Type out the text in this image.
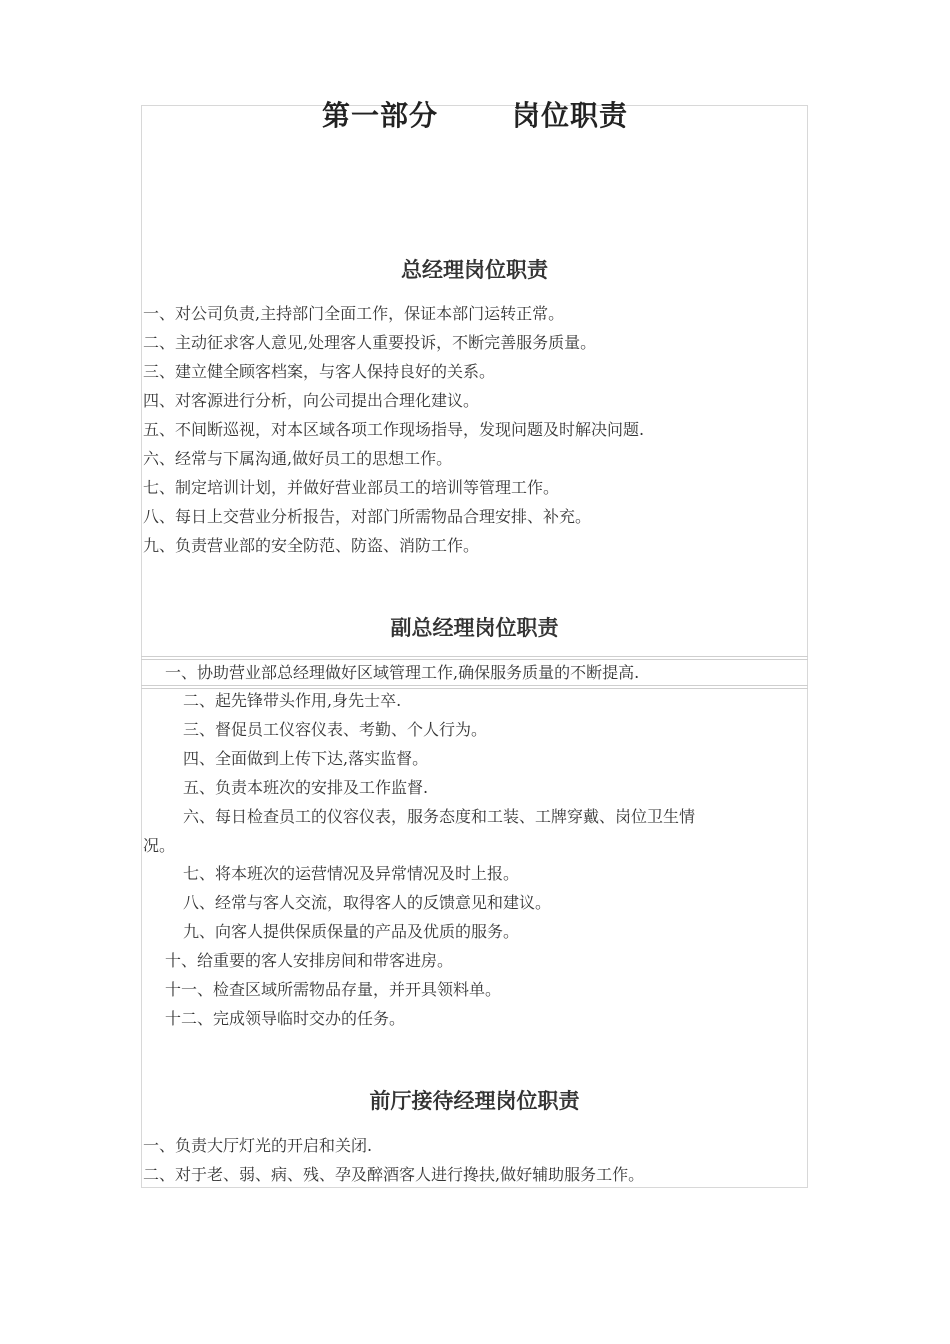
第一部分	岗位职责
总经理岗位职责
一、对公司负责,主持部门全面工作，保证本部门运转正常。
二、主动征求客人意见,处理客人重要投诉，不断完善服务质量。
三、建立健全顾客档案，与客人保持良好的关系。
四、对客源进行分析，向公司提出合理化建议。
五、不间断巡视，对本区域各项工作现场指导，发现问题及时解决问题.
六、经常与下属沟通,做好员工的思想工作。
七、制定培训计划，并做好营业部员工的培训等管理工作。
八、每日上交营业分析报告，对部门所需物品合理安排、补充。
九、负责营业部的安全防范、防盗、消防工作。
副总经理岗位职责
一、协助营业部总经理做好区域管理工作,确保服务质量的不断提高.
二、起先锋带头作用,身先士卒.
三、督促员工仪容仪表、考勤、个人行为。
四、全面做到上传下达,落实监督。
五、负责本班次的安排及工作监督.
六、每日检查员工的仪容仪表，服务态度和工装、工牌穿戴、岗位卫生情
况。
七、将本班次的运营情况及异常情况及时上报。
八、经常与客人交流，取得客人的反馈意见和建议。
九、向客人提供保质保量的产品及优质的服务。
十、给重要的客人安排房间和带客进房。
十一、检查区域所需物品存量，并开具领料单。
十二、完成领导临时交办的任务。
前厅接待经理岗位职责
一、负责大厅灯光的开启和关闭.
二、对于老、弱、病、残、孕及醉酒客人进行搀扶,做好辅助服务工作。
